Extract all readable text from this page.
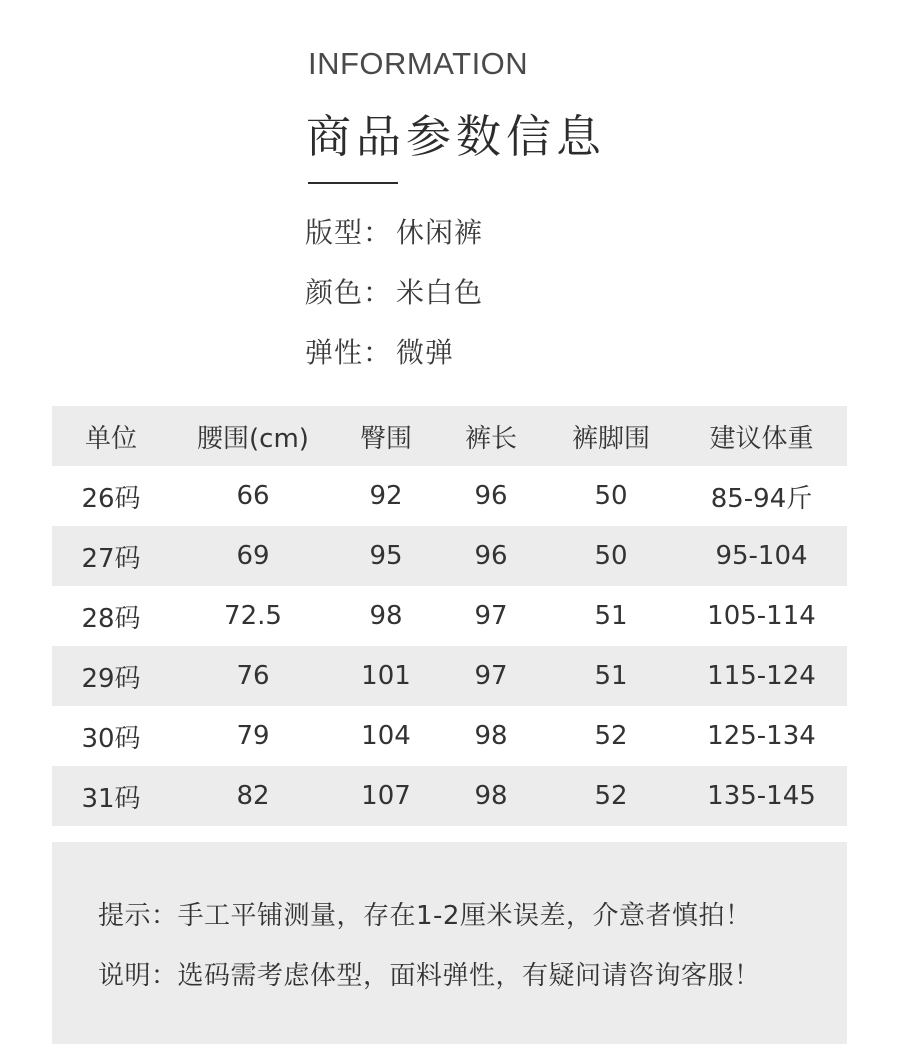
INFORMATION
商品参数信息
版型： 休闲裤
颜色： 米白色
弹性： 微弹
单位	腰围(cm)	臀围	裤长	裤脚围	建议体重
26码	66	92	96	50	85-94斤
27码	69	95	96	50	95-104
28码	72.5	98	97	51	105-114
29码	76	101	97	51	115-124
30码	79	104	98	52	125-134
31码	82	107	98	52	135-145
提示：手工平铺测量，存在1-2厘米误差，介意者慎拍！
说明：选码需考虑体型，面料弹性，有疑问请咨询客服！
